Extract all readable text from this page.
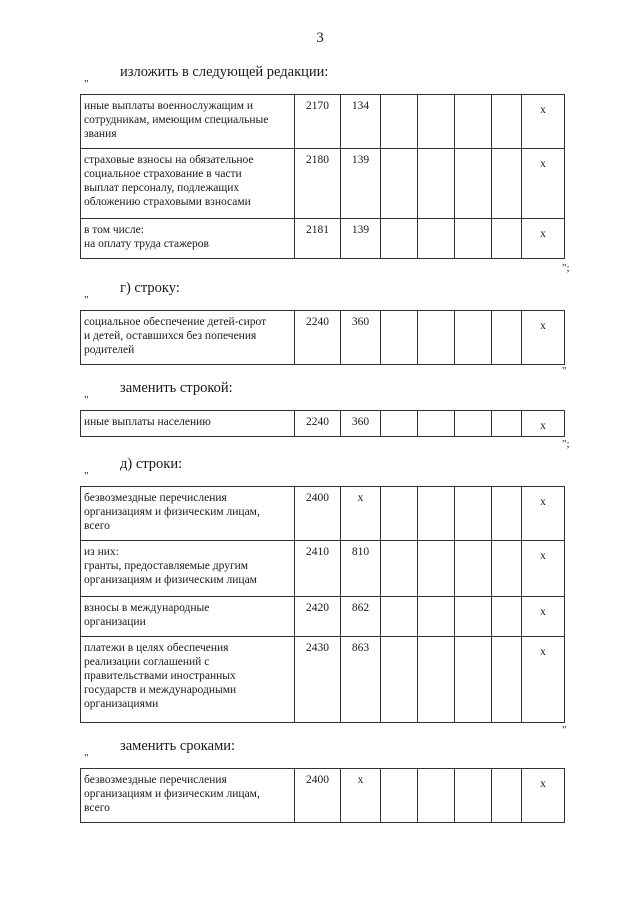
3
изложить в следующей редакции:
"
иные выплаты военнослужащим и
сотрудникам, имеющим специальные
звания	2170	134					x
страховые взносы на обязательное
социальное страхование в части
выплат персоналу, подлежащих
обложению страховыми взносами	2180	139					x
в том числе:
на оплату труда стажеров	2181	139					x
";
г) строку:
"
социальное обеспечение детей-сирот
и детей, оставшихся без попечения
родителей	2240	360					x
"
заменить строкой:
"
иные выплаты населению	2240	360					x
";
д) строки:
"
безвозмездные перечисления
организациям и физическим лицам,
всего	2400	x					x
из них:
гранты, предоставляемые другим
организациям и физическим лицам	2410	810					x
взносы в международные
организации	2420	862					x
платежи в целях обеспечения
реализации соглашений с
правительствами иностранных
государств и международными
организациями	2430	863					x
"
заменить сроками:
"
безвозмездные перечисления
организациям и физическим лицам,
всего	2400	x					x
